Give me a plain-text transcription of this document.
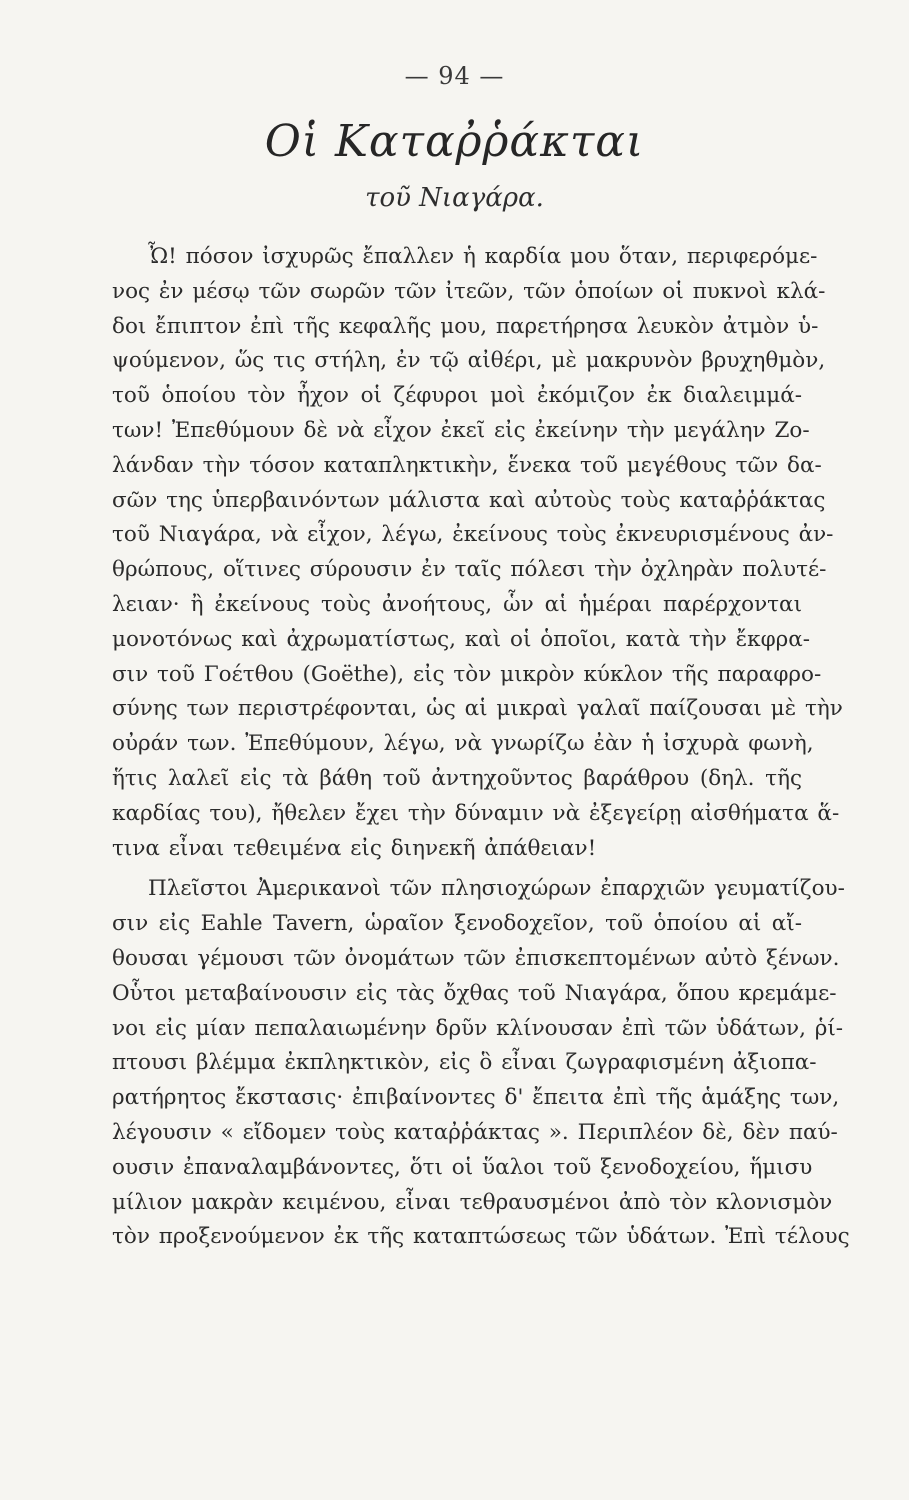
— 94 —
Οἱ Καταῤῥάκται
τοῦ Νιαγάρα.
Ὦ! πόσον ἰσχυρῶς ἔπαλλεν ἡ καρδία μου ὅταν, περιφερόμε-
νος ἐν μέσῳ τῶν σωρῶν τῶν ἰτεῶν, τῶν ὁποίων οἱ πυκνοὶ κλά-
δοι ἔπιπτον ἐπὶ τῆς κεφαλῆς μου, παρετήρησα λευκὸν ἀτμὸν ὑ-
ψούμενον, ὥς τις στήλη, ἐν τῷ αἰθέρι, μὲ μακρυνὸν βρυχηθμὸν,
τοῦ ὁποίου τὸν ἦχον οἱ ζέφυροι μοὶ ἐκόμιζον ἐκ διαλειμμά-
των! Ἐπεθύμουν δὲ νὰ εἶχον ἐκεῖ εἰς ἐκείνην τὴν μεγάλην Ζο-
λάνδαν τὴν τόσον καταπληκτικὴν, ἕνεκα τοῦ μεγέθους τῶν δα-
σῶν της ὑπερβαινόντων μάλιστα καὶ αὐτοὺς τοὺς καταῤῥάκτας
τοῦ Νιαγάρα, νὰ εἶχον, λέγω, ἐκείνους τοὺς ἐκνευρισμένους ἀν-
θρώπους, οἵτινες σύρουσιν ἐν ταῖς πόλεσι τὴν ὀχληρὰν πολυτέ-
λειαν· ἢ ἐκείνους τοὺς ἀνοήτους, ὧν αἱ ἡμέραι παρέρχονται
μονοτόνως καὶ ἀχρωματίστως, καὶ οἱ ὁποῖοι, κατὰ τὴν ἔκφρα-
σιν τοῦ Γοέτθου (Goëthe), εἰς τὸν μικρὸν κύκλον τῆς παραφρο-
σύνης των περιστρέφονται, ὡς αἱ μικραὶ γαλαῖ παίζουσαι μὲ τὴν
οὐράν των. Ἐπεθύμουν, λέγω, νὰ γνωρίζω ἐὰν ἡ ἰσχυρὰ φωνὴ,
ἥτις λαλεῖ εἰς τὰ βάθη τοῦ ἀντηχοῦντος βαράθρου (δηλ. τῆς
καρδίας του), ἤθελεν ἔχει τὴν δύναμιν νὰ ἐξεγείρῃ αἰσθήματα ἅ-
τινα εἶναι τεθειμένα εἰς διηνεκῆ ἀπάθειαν!
Πλεῖστοι Ἀμερικανοὶ τῶν πλησιοχώρων ἐπαρχιῶν γευματίζου-
σιν εἰς Eahle Tavern, ὡραῖον ξενοδοχεῖον, τοῦ ὁποίου αἱ αἴ-
θουσαι γέμουσι τῶν ὀνομάτων τῶν ἐπισκεπτομένων αὐτὸ ξένων.
Οὗτοι μεταβαίνουσιν εἰς τὰς ὄχθας τοῦ Νιαγάρα, ὅπου κρεμάμε-
νοι εἰς μίαν πεπαλαιωμένην δρῦν κλίνουσαν ἐπὶ τῶν ὑδάτων, ῥί-
πτουσι βλέμμα ἐκπληκτικὸν, εἰς ὃ εἶναι ζωγραφισμένη ἀξιοπα-
ρατήρητος ἔκστασις· ἐπιβαίνοντες δ' ἔπειτα ἐπὶ τῆς ἁμάξης των,
λέγουσιν « εἴδομεν τοὺς καταῤῥάκτας ». Περιπλέον δὲ, δὲν παύ-
ουσιν ἐπαναλαμβάνοντες, ὅτι οἱ ὕαλοι τοῦ ξενοδοχείου, ἥμισυ
μίλιον μακρὰν κειμένου, εἶναι τεθραυσμένοι ἀπὸ τὸν κλονισμὸν
τὸν προξενούμενον ἐκ τῆς καταπτώσεως τῶν ὑδάτων. Ἐπὶ τέλους
